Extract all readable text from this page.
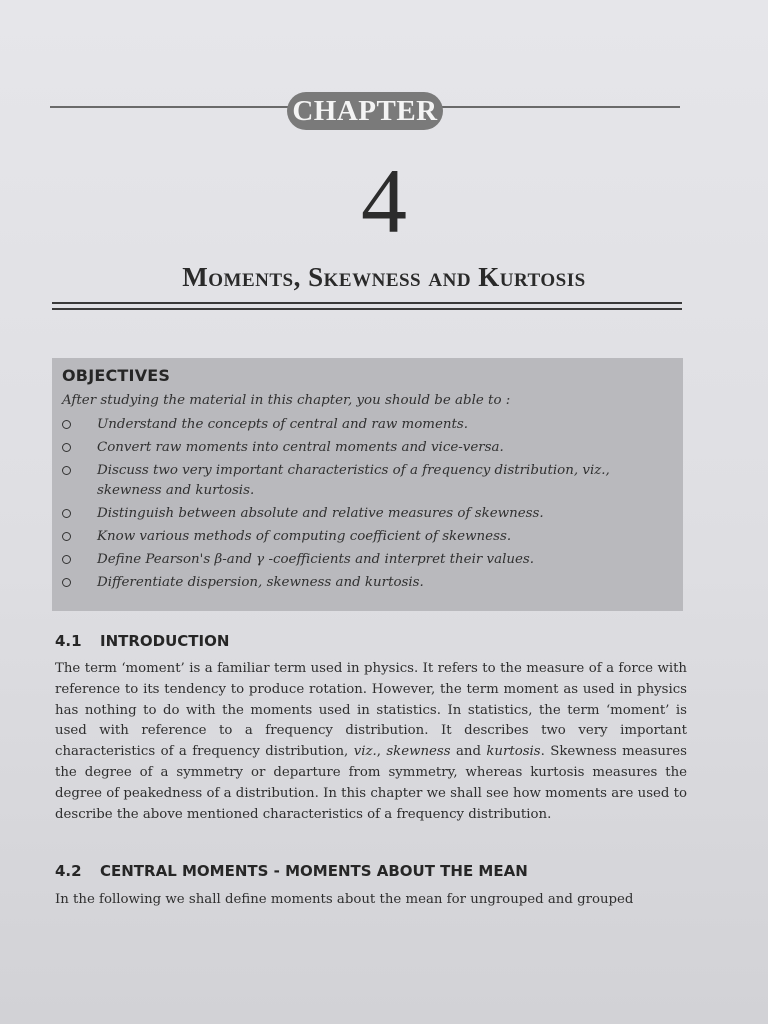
CHAPTER
4
Moments, Skewness and Kurtosis
OBJECTIVES
After studying the material in this chapter, you should be able to :
Understand the concepts of central and raw moments.
Convert raw moments into central moments and vice-versa.
Discuss two very important characteristics of a frequency distribution, viz., skewness and kurtosis.
Distinguish between absolute and relative measures of skewness.
Know various methods of computing coefficient of skewness.
Define Pearson's β-and γ -coefficients and interpret their values.
Differentiate dispersion, skewness and kurtosis.
4.1 INTRODUCTION

The term ‘moment’ is a familiar term used in physics. It refers to the measure of a force with reference to its tendency to produce rotation. However, the term moment as used in physics has nothing to do with the moments used in statistics. In statistics, the term ‘moment’ is used with reference to a frequency distribution. It describes two very important characteristics of a frequency distribution, viz., skewness and kurtosis. Skewness measures the degree of a symmetry or departure from symmetry, whereas kurtosis measures the degree of peakedness of a distribution. In this chapter we shall see how moments are used to describe the above mentioned characteristics of a frequency distribution.

4.2 CENTRAL MOMENTS - MOMENTS ABOUT THE MEAN

In the following we shall define moments about the mean for ungrouped and grouped
